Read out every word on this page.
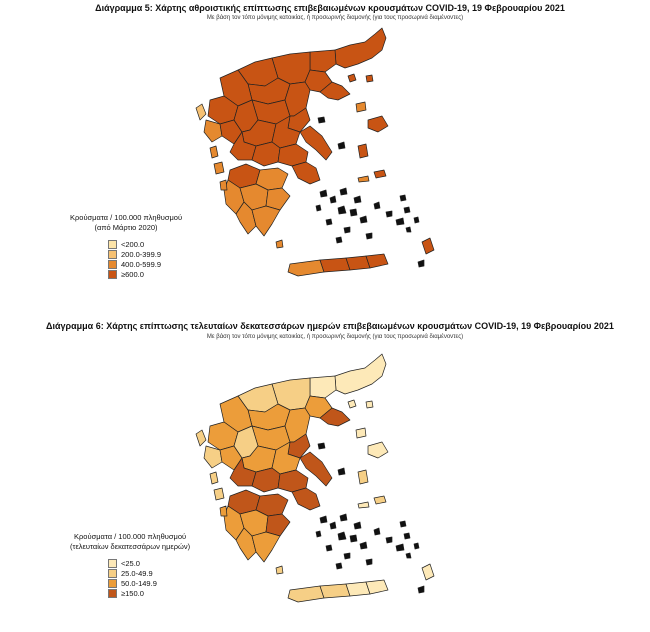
Διάγραμμα 5: Χάρτης αθροιστικής επίπτωσης επιβεβαιωμένων κρουσμάτων COVID-19, 19 Φεβρουαρίου 2021
Με βάση τον τόπο μόνιμης κατοικίας, ή προσωρινής διαμονής (για τους προσωρινά διαμένοντες)
Κρούσματα / 100.000 πληθυσμού
(από Μάρτιο 2020)
<200.0
200.0-399.9
400.0-599.9
≥600.0
Διάγραμμα 6: Χάρτης επίπτωσης τελευταίων δεκατεσσάρων ημερών επιβεβαιωμένων κρουσμάτων COVID-19, 19 Φεβρουαρίου 2021
Με βάση τον τόπο μόνιμης κατοικίας, ή προσωρινής διαμονής (για τους προσωρινά διαμένοντες)
Κρούσματα / 100.000 πληθυσμού
(τελευταίων δεκατεσσάρων ημερών)
<25.0
25.0-49.9
50.0-149.9
≥150.0
